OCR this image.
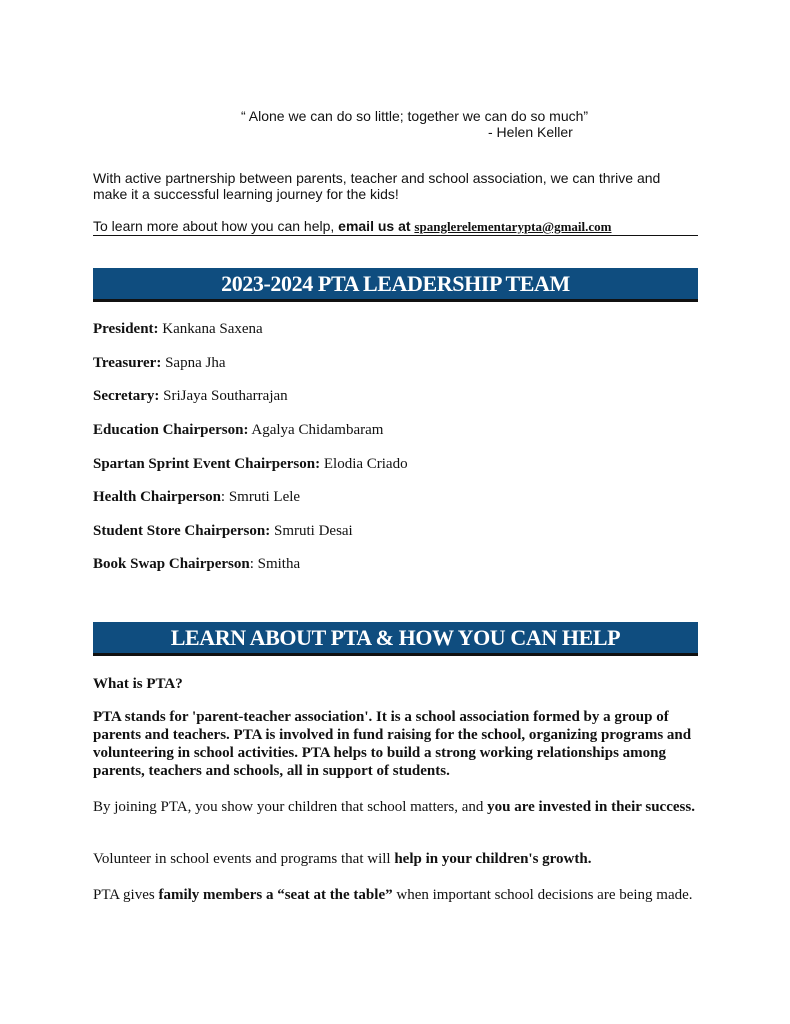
“ Alone we can do so little; together we can do so much”
- Helen Keller
With active partnership between parents, teacher and school association, we can thrive and make it a successful learning journey for the kids!
To learn more about how you can help, email us at spanglerelementarypta@gmail.com
2023-2024 PTA LEADERSHIP TEAM
President: Kankana Saxena
Treasurer: Sapna Jha
Secretary: SriJaya Southarrajan
Education Chairperson: Agalya Chidambaram
Spartan Sprint Event Chairperson: Elodia Criado
Health Chairperson: Smruti Lele
Student Store Chairperson: Smruti Desai
Book Swap Chairperson: Smitha
LEARN ABOUT PTA & HOW YOU CAN HELP
What is PTA?
PTA stands for 'parent-teacher association'. It is a school association formed by a group of parents and teachers. PTA is involved in fund raising for the school, organizing programs and volunteering in school activities. PTA helps to build a strong working relationships among parents, teachers and schools, all in support of students.
By joining PTA, you show your children that school matters, and you are invested in their success.
Volunteer in school events and programs that will help in your children's growth.
PTA gives family members a “seat at the table” when important school decisions are being made.
